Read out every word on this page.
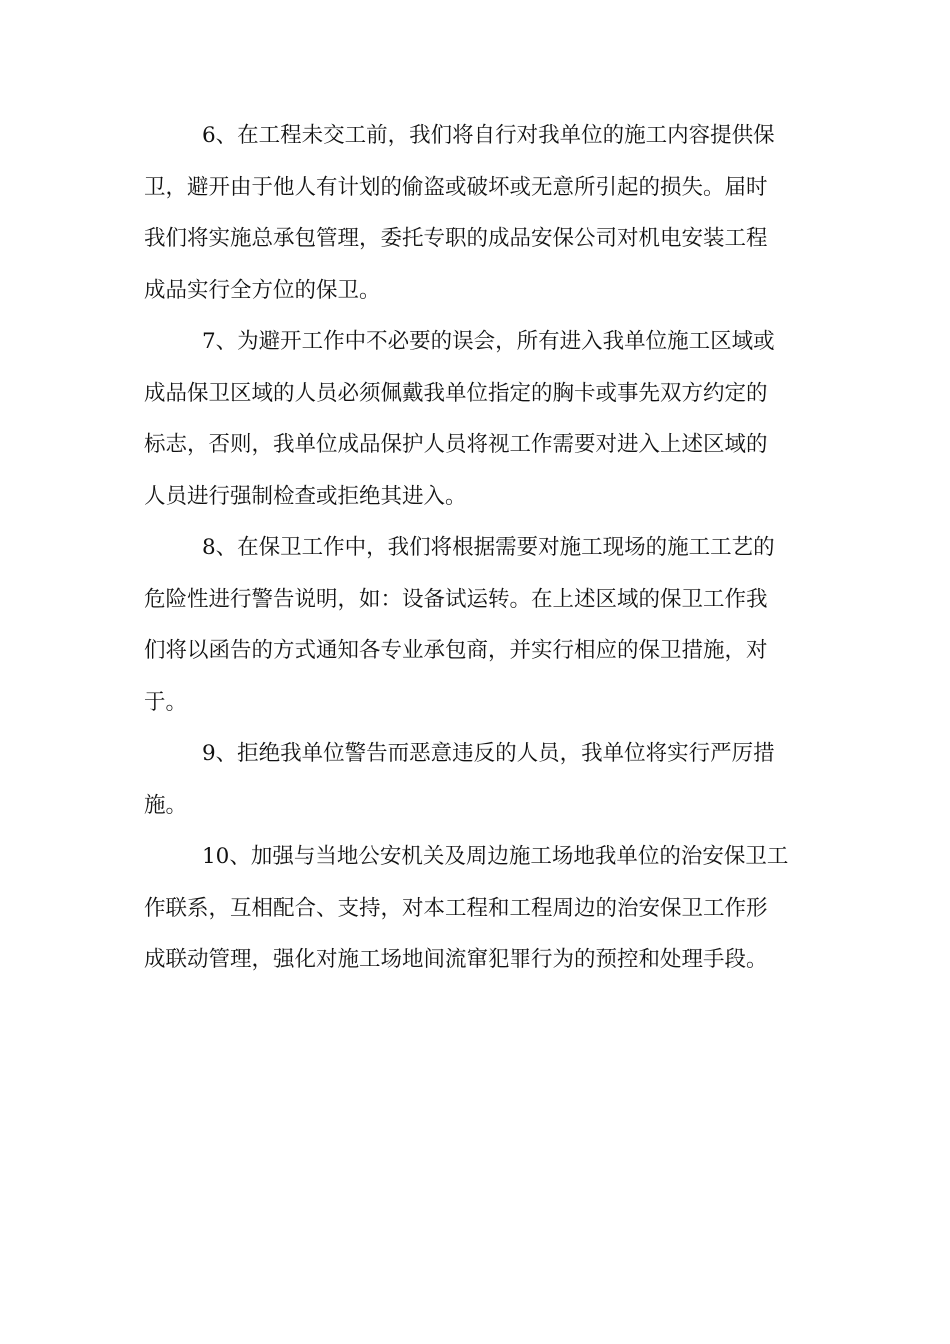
6、在工程未交工前，我们将自行对我单位的施工内容提供保
卫，避开由于他人有计划的偷盗或破坏或无意所引起的损失。届时
我们将实施总承包管理，委托专职的成品安保公司对机电安装工程
成品实行全方位的保卫。
7、为避开工作中不必要的误会，所有进入我单位施工区域或
成品保卫区域的人员必须佩戴我单位指定的胸卡或事先双方约定的
标志，否则，我单位成品保护人员将视工作需要对进入上述区域的
人员进行强制检查或拒绝其进入。
8、在保卫工作中，我们将根据需要对施工现场的施工工艺的
危险性进行警告说明，如：设备试运转。在上述区域的保卫工作我
们将以函告的方式通知各专业承包商，并实行相应的保卫措施，对
于。
9、拒绝我单位警告而恶意违反的人员，我单位将实行严厉措
施。
10、加强与当地公安机关及周边施工场地我单位的治安保卫工
作联系，互相配合、支持，对本工程和工程周边的治安保卫工作形
成联动管理，强化对施工场地间流窜犯罪行为的预控和处理手段。
